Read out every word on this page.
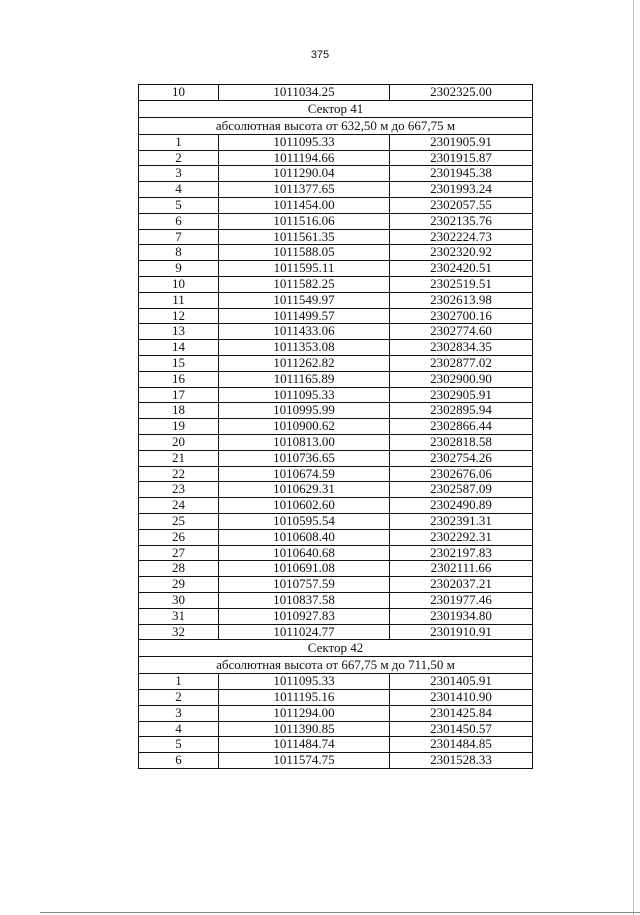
375
10	1011034.25	2302325.00
Сектор 41		
абсолютная высота от 632,50 м до 667,75 м		
1	1011095.33	2301905.91
2	1011194.66	2301915.87
3	1011290.04	2301945.38
4	1011377.65	2301993.24
5	1011454.00	2302057.55
6	1011516.06	2302135.76
7	1011561.35	2302224.73
8	1011588.05	2302320.92
9	1011595.11	2302420.51
10	1011582.25	2302519.51
11	1011549.97	2302613.98
12	1011499.57	2302700.16
13	1011433.06	2302774.60
14	1011353.08	2302834.35
15	1011262.82	2302877.02
16	1011165.89	2302900.90
17	1011095.33	2302905.91
18	1010995.99	2302895.94
19	1010900.62	2302866.44
20	1010813.00	2302818.58
21	1010736.65	2302754.26
22	1010674.59	2302676.06
23	1010629.31	2302587.09
24	1010602.60	2302490.89
25	1010595.54	2302391.31
26	1010608.40	2302292.31
27	1010640.68	2302197.83
28	1010691.08	2302111.66
29	1010757.59	2302037.21
30	1010837.58	2301977.46
31	1010927.83	2301934.80
32	1011024.77	2301910.91
Сектор 42		
абсолютная высота от 667,75 м до 711,50 м		
1	1011095.33	2301405.91
2	1011195.16	2301410.90
3	1011294.00	2301425.84
4	1011390.85	2301450.57
5	1011484.74	2301484.85
6	1011574.75	2301528.33
